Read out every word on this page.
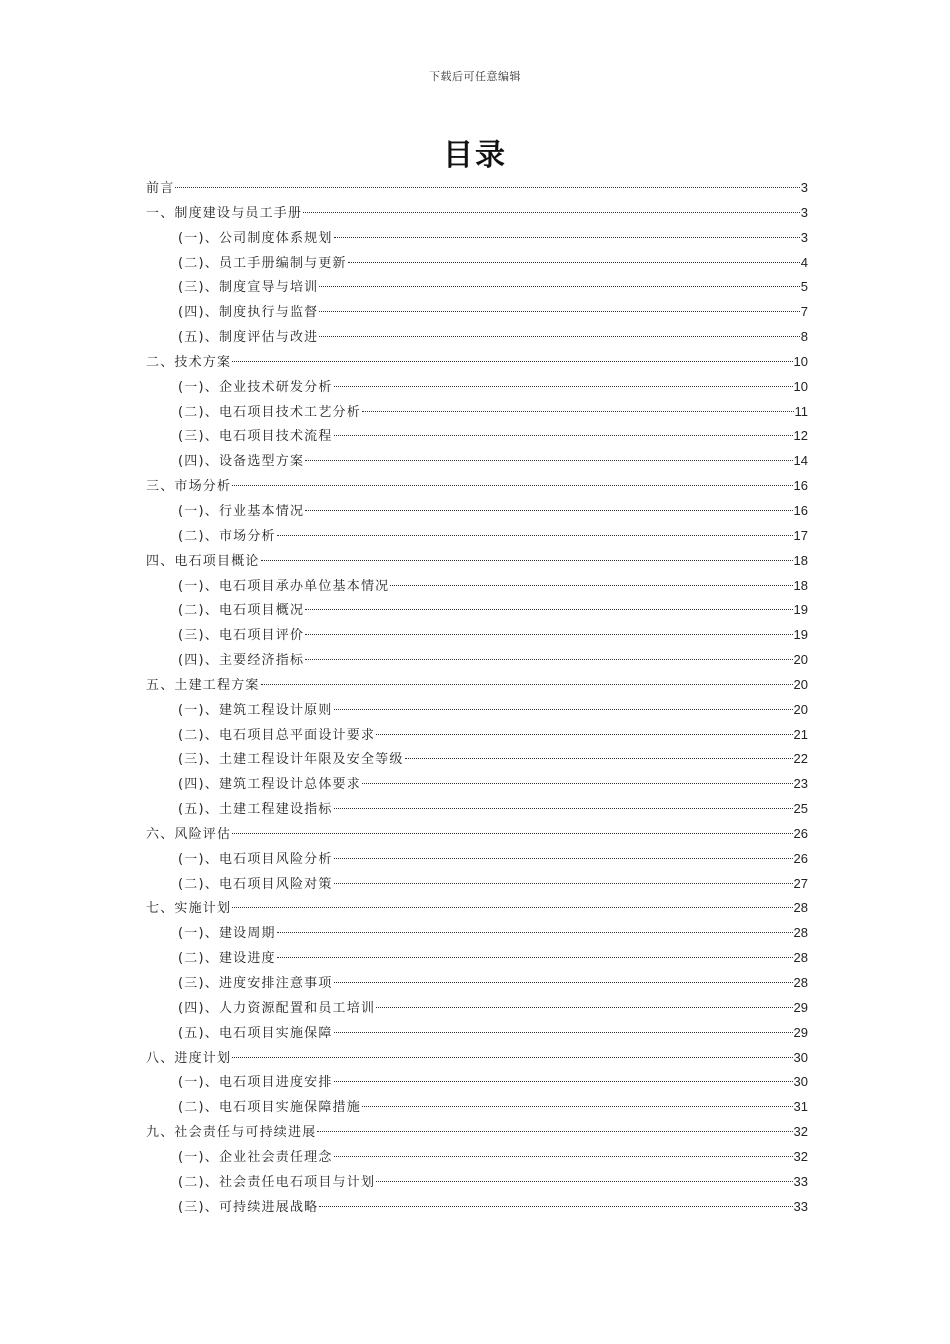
下载后可任意编辑
目录
前言	3
一、制度建设与员工手册	3
(一)、公司制度体系规划	3
(二)、员工手册编制与更新	4
(三)、制度宣导与培训	5
(四)、制度执行与监督	7
(五)、制度评估与改进	8
二、技术方案	10
(一)、企业技术研发分析	10
(二)、电石项目技术工艺分析	11
(三)、电石项目技术流程	12
(四)、设备选型方案	14
三、市场分析	16
(一)、行业基本情况	16
(二)、市场分析	17
四、电石项目概论	18
(一)、电石项目承办单位基本情况	18
(二)、电石项目概况	19
(三)、电石项目评价	19
(四)、主要经济指标	20
五、土建工程方案	20
(一)、建筑工程设计原则	20
(二)、电石项目总平面设计要求	21
(三)、土建工程设计年限及安全等级	22
(四)、建筑工程设计总体要求	23
(五)、土建工程建设指标	25
六、风险评估	26
(一)、电石项目风险分析	26
(二)、电石项目风险对策	27
七、实施计划	28
(一)、建设周期	28
(二)、建设进度	28
(三)、进度安排注意事项	28
(四)、人力资源配置和员工培训	29
(五)、电石项目实施保障	29
八、进度计划	30
(一)、电石项目进度安排	30
(二)、电石项目实施保障措施	31
九、社会责任与可持续进展	32
(一)、企业社会责任理念	32
(二)、社会责任电石项目与计划	33
(三)、可持续进展战略	33
